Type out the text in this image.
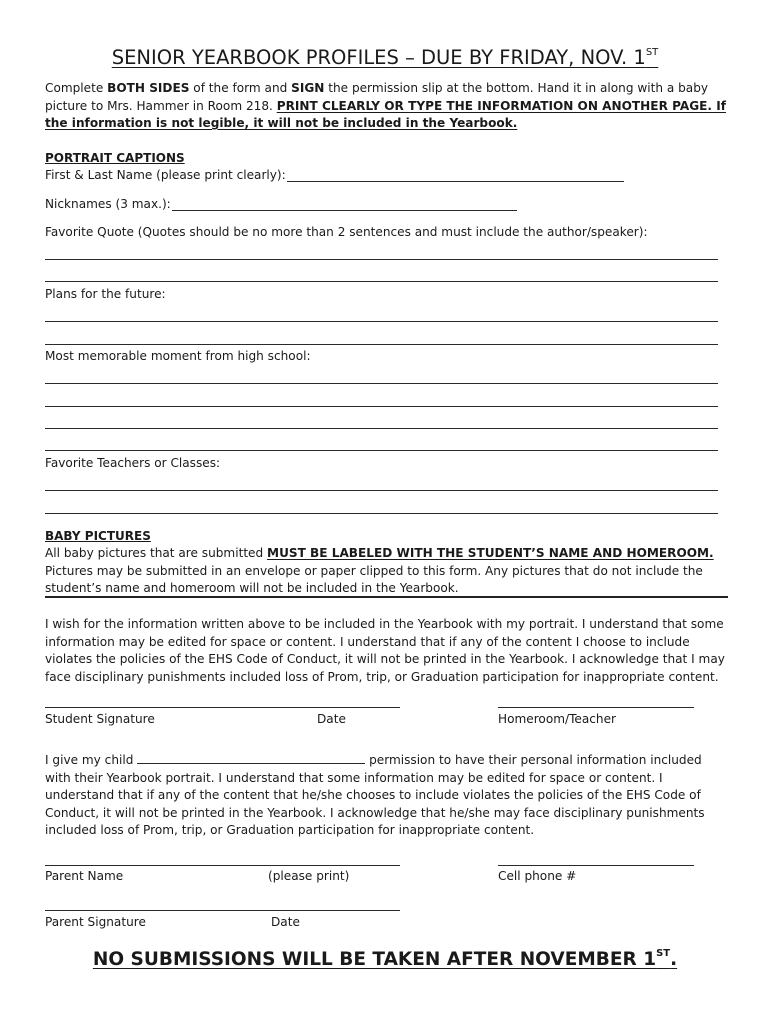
SENIOR YEARBOOK PROFILES – DUE BY FRIDAY, NOV. 1ST
Complete BOTH SIDES of the form and SIGN the permission slip at the bottom. Hand it in along with a baby picture to Mrs. Hammer in Room 218. PRINT CLEARLY OR TYPE THE INFORMATION ON ANOTHER PAGE. If the information is not legible, it will not be included in the Yearbook.
PORTRAIT CAPTIONS
First & Last Name (please print clearly):
Nicknames (3 max.):
Favorite Quote (Quotes should be no more than 2 sentences and must include the author/speaker):
Plans for the future:
Most memorable moment from high school:
Favorite Teachers or Classes:
BABY PICTURES
All baby pictures that are submitted MUST BE LABELED WITH THE STUDENT’S NAME AND HOMEROOM. Pictures may be submitted in an envelope or paper clipped to this form. Any pictures that do not include the student’s name and homeroom will not be included in the Yearbook.
I wish for the information written above to be included in the Yearbook with my portrait. I understand that some information may be edited for space or content. I understand that if any of the content I choose to include violates the policies of the EHS Code of Conduct, it will not be printed in the Yearbook. I acknowledge that I may face disciplinary punishments included loss of Prom, trip, or Graduation participation for inappropriate content.
Student Signature	Date	Homeroom/Teacher
I give my child	permission to have their personal information included with their Yearbook portrait. I understand that some information may be edited for space or content. I understand that if any of the content that he/she chooses to include violates the policies of the EHS Code of Conduct, it will not be printed in the Yearbook. I acknowledge that he/she may face disciplinary punishments included loss of Prom, trip, or Graduation participation for inappropriate content.
Parent Name	(please print)	Cell phone #
Parent Signature	Date
NO SUBMISSIONS WILL BE TAKEN AFTER NOVEMBER 1ST.
